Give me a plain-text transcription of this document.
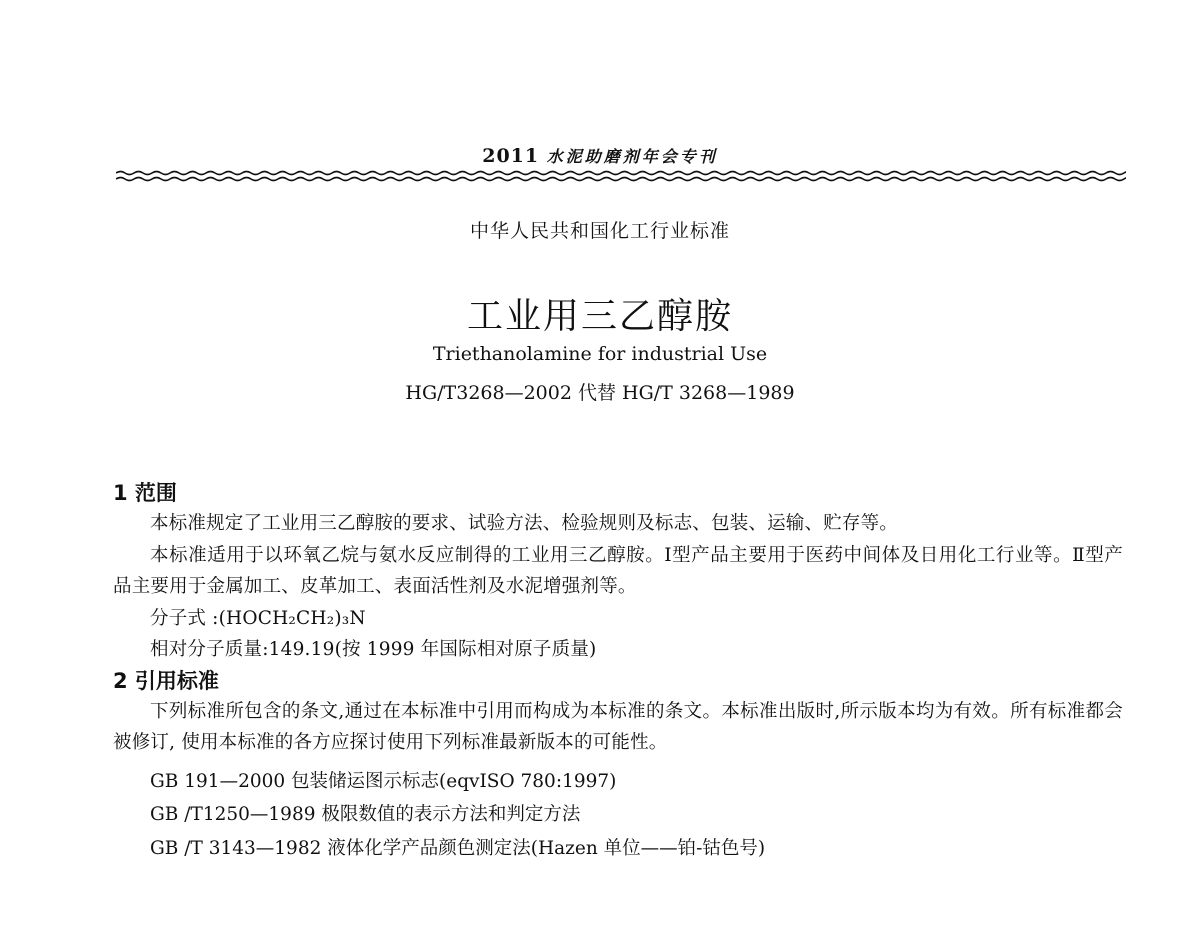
2011 水泥助磨剂年会专刊
中华人民共和国化工行业标准
工业用三乙醇胺
Triethanolamine for industrial Use
HG/T3268—2002 代替 HG/T 3268—1989
1 范围

本标准规定了工业用三乙醇胺的要求、试验方法、检验规则及标志、包装、运输、贮存等。

本标准适用于以环氧乙烷与氨水反应制得的工业用三乙醇胺。Ⅰ型产品主要用于医药中间体及日用化工行业等。Ⅱ型产品主要用于金属加工、皮革加工、表面活性剂及水泥增强剂等。

分子式 :(HOCH₂CH₂)₃N

相对分子质量:149.19(按 1999 年国际相对原子质量)

2 引用标准

下列标准所包含的条文,通过在本标准中引用而构成为本标准的条文。本标准出版时,所示版本均为有效。所有标准都会被修订, 使用本标准的各方应探讨使用下列标准最新版本的可能性。

GB 191—2000 包装储运图示标志(eqvISO 780:1997)
GB /T1250—1989 极限数值的表示方法和判定方法
GB /T 3143—1982 液体化学产品颜色测定法(Hazen 单位——铂-钴色号)
